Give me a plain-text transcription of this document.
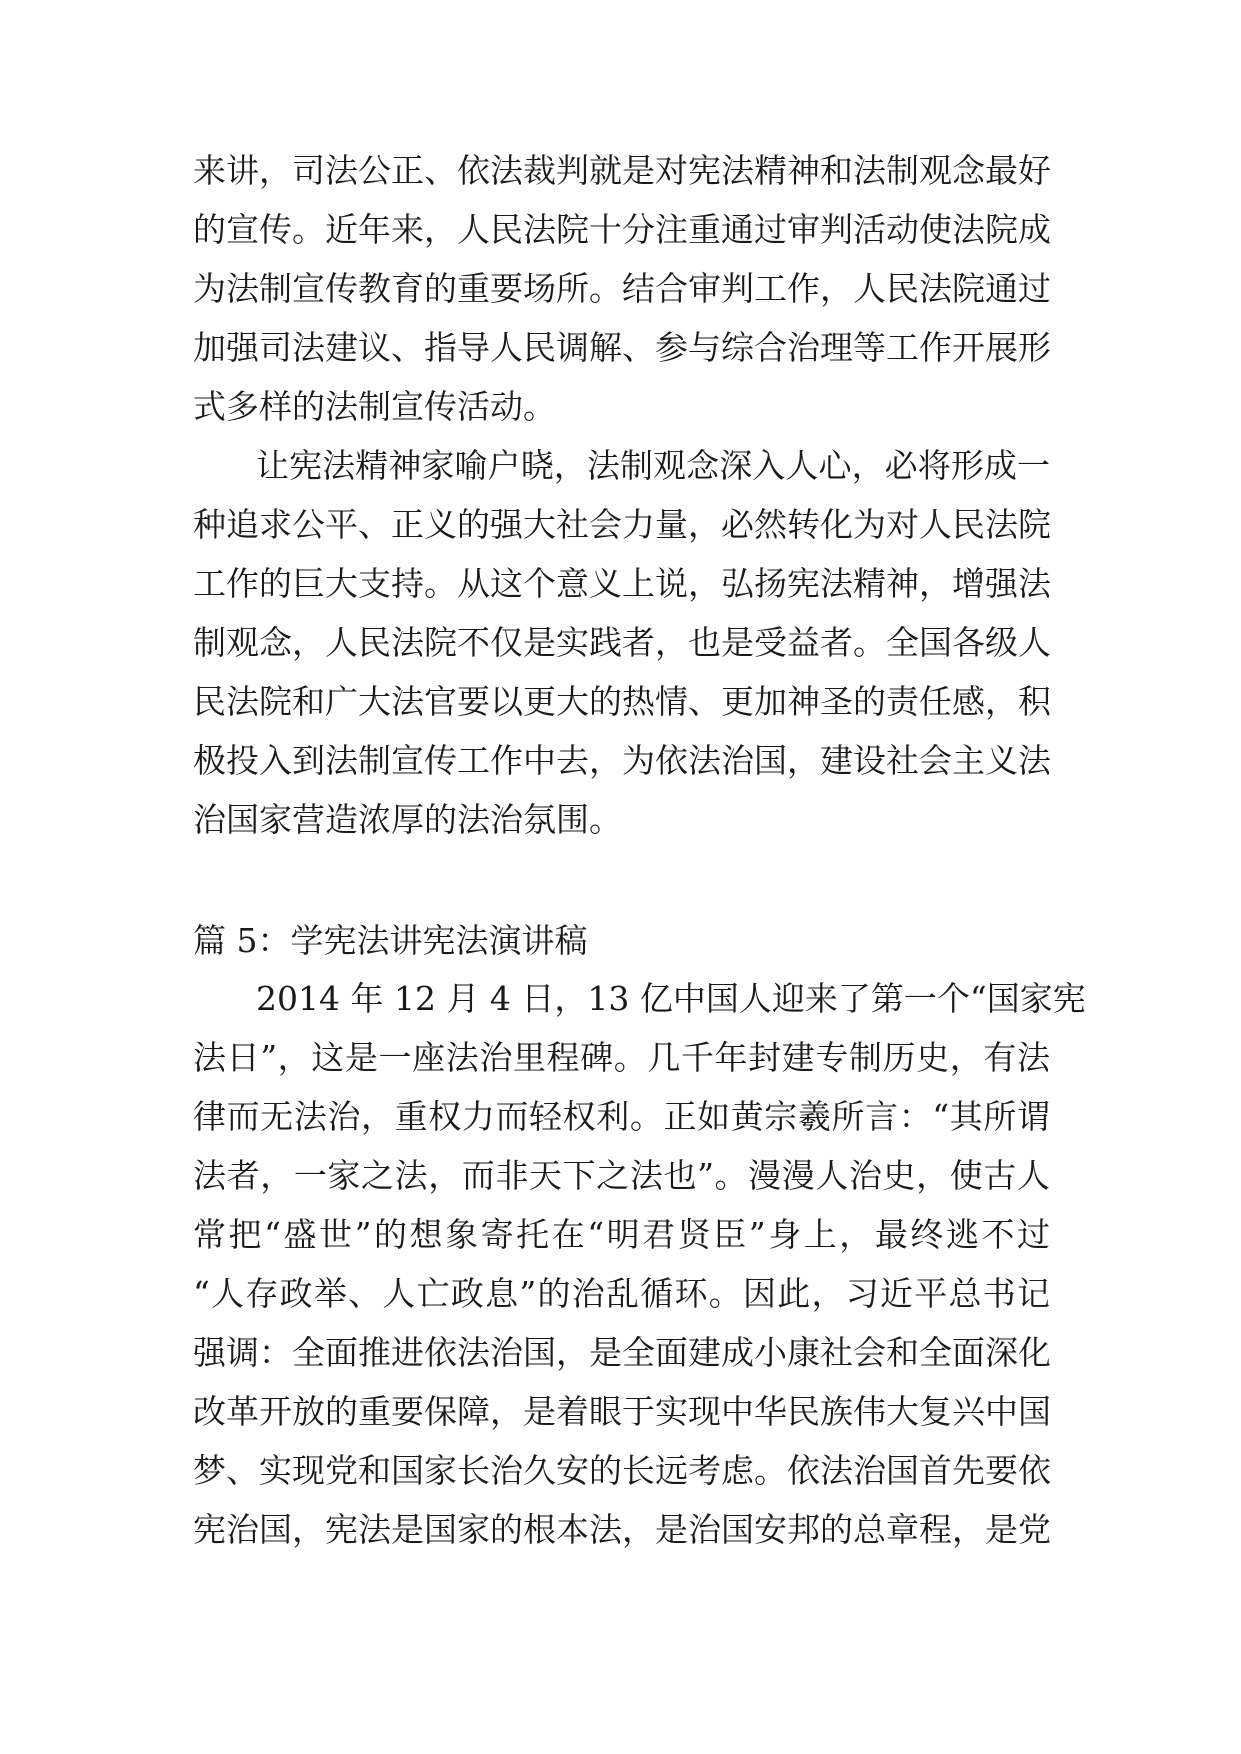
来讲，司法公正、依法裁判就是对宪法精神和法制观念最好
的宣传。近年来，人民法院十分注重通过审判活动使法院成
为法制宣传教育的重要场所。结合审判工作，人民法院通过
加强司法建议、指导人民调解、参与综合治理等工作开展形
式多样的法制宣传活动。
让宪法精神家喻户晓，法制观念深入人心，必将形成一
种追求公平、正义的强大社会力量，必然转化为对人民法院
工作的巨大支持。从这个意义上说，弘扬宪法精神，增强法
制观念，人民法院不仅是实践者，也是受益者。全国各级人
民法院和广大法官要以更大的热情、更加神圣的责任感，积
极投入到法制宣传工作中去，为依法治国，建设社会主义法
治国家营造浓厚的法治氛围。
篇 5：学宪法讲宪法演讲稿
2014 年 12 月 4 日，13 亿中国人迎来了第一个“国家宪
法日”，这是一座法治里程碑。几千年封建专制历史，有法
律而无法治，重权力而轻权利。正如黄宗羲所言：“其所谓
法者，一家之法，而非天下之法也”。漫漫人治史，使古人
常把“盛世”的想象寄托在“明君贤臣”身上，最终逃不过
“人存政举、人亡政息”的治乱循环。因此，习近平总书记
强调：全面推进依法治国，是全面建成小康社会和全面深化
改革开放的重要保障，是着眼于实现中华民族伟大复兴中国
梦、实现党和国家长治久安的长远考虑。依法治国首先要依
宪治国，宪法是国家的根本法，是治国安邦的总章程，是党
